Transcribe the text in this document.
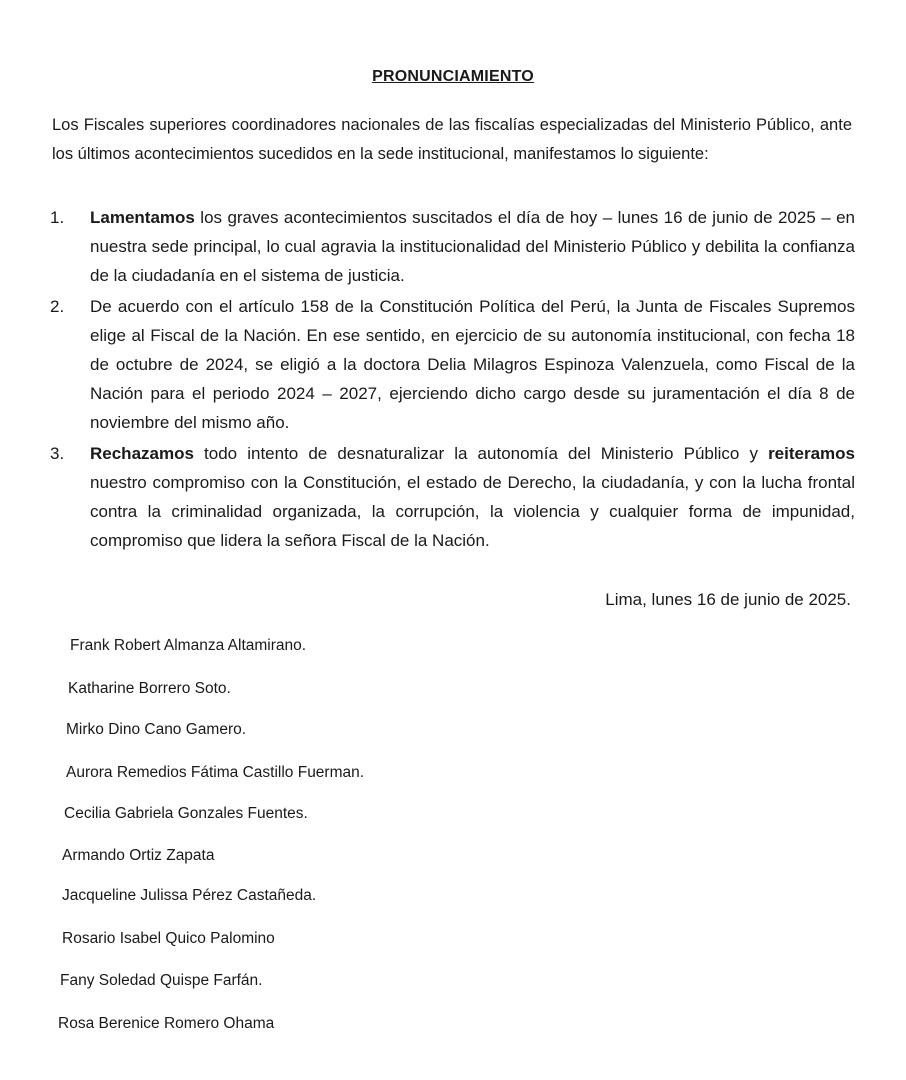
PRONUNCIAMIENTO
Los Fiscales superiores coordinadores nacionales de las fiscalías especializadas del Ministerio Público, ante los últimos acontecimientos sucedidos en la sede institucional, manifestamos lo siguiente:
1.	Lamentamos los graves acontecimientos suscitados el día de hoy – lunes 16 de junio de 2025 – en nuestra sede principal, lo cual agravia la institucionalidad del Ministerio Público y debilita la confianza de la ciudadanía en el sistema de justicia.
2.	De acuerdo con el artículo 158 de la Constitución Política del Perú, la Junta de Fiscales Supremos elige al Fiscal de la Nación. En ese sentido, en ejercicio de su autonomía institucional, con fecha 18 de octubre de 2024, se eligió a la doctora Delia Milagros Espinoza Valenzuela, como Fiscal de la Nación para el periodo 2024 – 2027, ejerciendo dicho cargo desde su juramentación el día 8 de noviembre del mismo año.
3.	Rechazamos todo intento de desnaturalizar la autonomía del Ministerio Público y reiteramos nuestro compromiso con la Constitución, el estado de Derecho, la ciudadanía, y con la lucha frontal contra la criminalidad organizada, la corrupción, la violencia y cualquier forma de impunidad, compromiso que lidera la señora Fiscal de la Nación.
Lima, lunes 16 de junio de 2025.
Frank Robert Almanza Altamirano.
Katharine Borrero Soto.
Mirko Dino Cano Gamero.
Aurora Remedios Fátima Castillo Fuerman.
Cecilia Gabriela Gonzales Fuentes.
Armando Ortiz Zapata
Jacqueline Julissa Pérez Castañeda.
Rosario Isabel Quico Palomino
Fany Soledad Quispe Farfán.
Rosa Berenice Romero Ohama
